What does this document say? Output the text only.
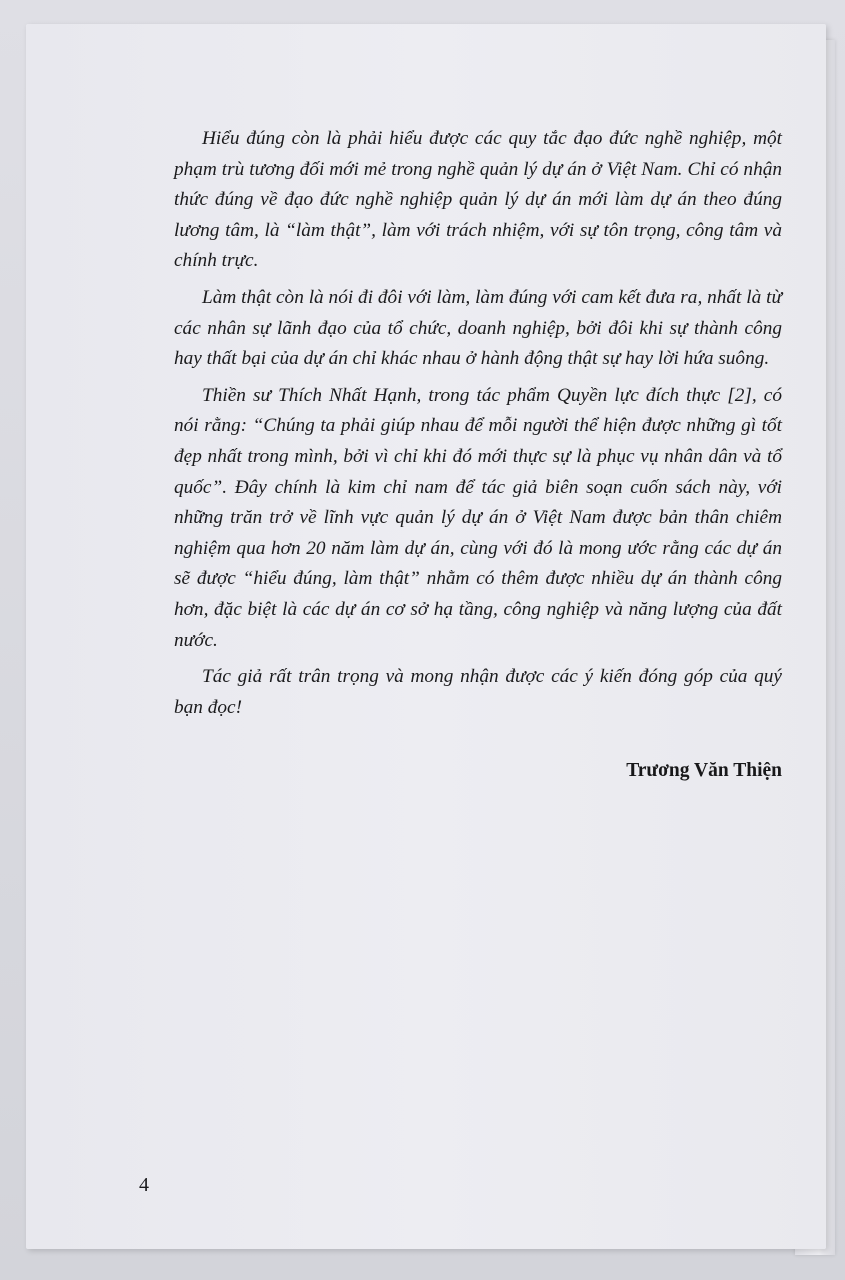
Hiểu đúng còn là phải hiểu được các quy tắc đạo đức nghề nghiệp, một phạm trù tương đối mới mẻ trong nghề quản lý dự án ở Việt Nam. Chỉ có nhận thức đúng về đạo đức nghề nghiệp quản lý dự án mới làm dự án theo đúng lương tâm, là “làm thật”, làm với trách nhiệm, với sự tôn trọng, công tâm và chính trực.

Làm thật còn là nói đi đôi với làm, làm đúng với cam kết đưa ra, nhất là từ các nhân sự lãnh đạo của tổ chức, doanh nghiệp, bởi đôi khi sự thành công hay thất bại của dự án chỉ khác nhau ở hành động thật sự hay lời hứa suông.

Thiền sư Thích Nhất Hạnh, trong tác phẩm Quyền lực đích thực [2], có nói rằng: “Chúng ta phải giúp nhau để mỗi người thể hiện được những gì tốt đẹp nhất trong mình, bởi vì chỉ khi đó mới thực sự là phục vụ nhân dân và tổ quốc”. Đây chính là kim chỉ nam để tác giả biên soạn cuốn sách này, với những trăn trở về lĩnh vực quản lý dự án ở Việt Nam được bản thân chiêm nghiệm qua hơn 20 năm làm dự án, cùng với đó là mong ước rằng các dự án sẽ được “hiểu đúng, làm thật” nhằm có thêm được nhiều dự án thành công hơn, đặc biệt là các dự án cơ sở hạ tầng, công nghiệp và năng lượng của đất nước.

Tác giả rất trân trọng và mong nhận được các ý kiến đóng góp của quý bạn đọc!

Trương Văn Thiện
4
